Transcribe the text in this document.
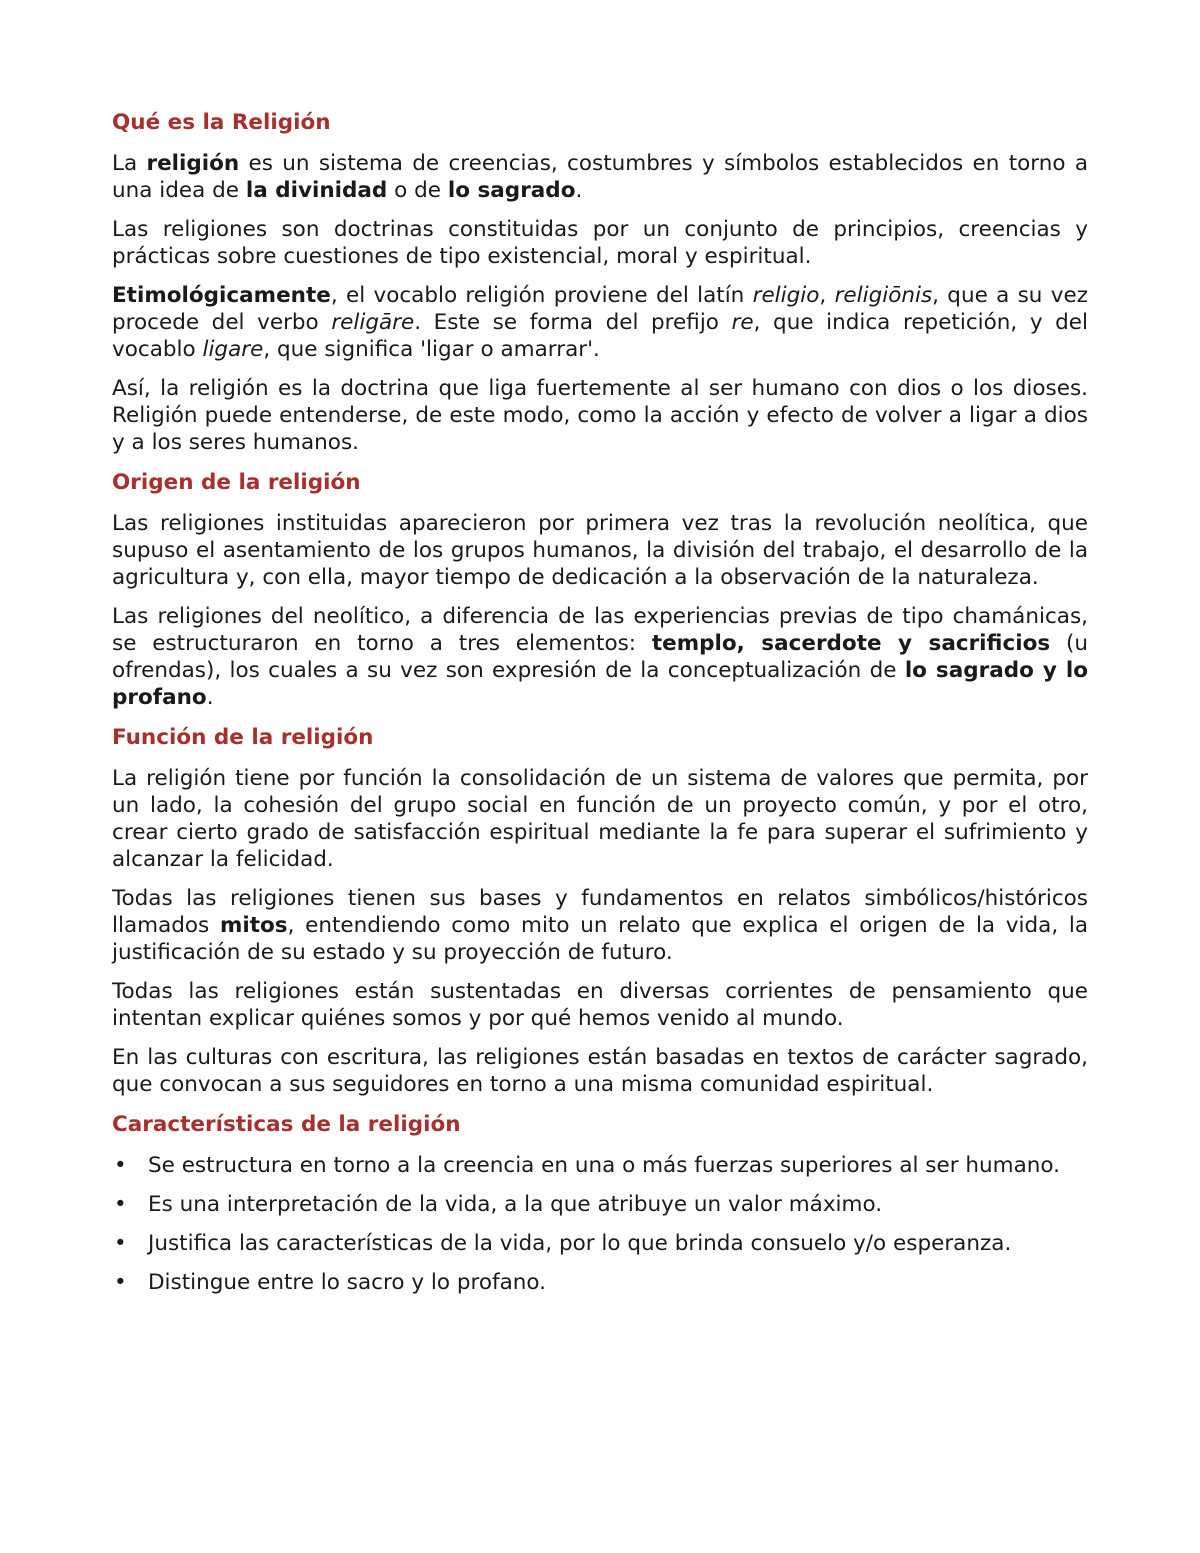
Qué es la Religión

La religión es un sistema de creencias, costumbres y símbolos establecidos en torno a una idea de la divinidad o de lo sagrado.

Las religiones son doctrinas constituidas por un conjunto de principios, creencias y prácticas sobre cuestiones de tipo existencial, moral y espiritual.

Etimológicamente, el vocablo religión proviene del latín religio, religiōnis, que a su vez procede del verbo religāre. Este se forma del prefijo re, que indica repetición, y del vocablo ligare, que significa 'ligar o amarrar'.

Así, la religión es la doctrina que liga fuertemente al ser humano con dios o los dioses. Religión puede entenderse, de este modo, como la acción y efecto de volver a ligar a dios y a los seres humanos.

Origen de la religión

Las religiones instituidas aparecieron por primera vez tras la revolución neolítica, que supuso el asentamiento de los grupos humanos, la división del trabajo, el desarrollo de la agricultura y, con ella, mayor tiempo de dedicación a la observación de la naturaleza.

Las religiones del neolítico, a diferencia de las experiencias previas de tipo chamánicas, se estructuraron en torno a tres elementos: templo, sacerdote y sacrificios (u ofrendas), los cuales a su vez son expresión de la conceptualización de lo sagrado y lo profano.

Función de la religión

La religión tiene por función la consolidación de un sistema de valores que permita, por un lado, la cohesión del grupo social en función de un proyecto común, y por el otro, crear cierto grado de satisfacción espiritual mediante la fe para superar el sufrimiento y alcanzar la felicidad.

Todas las religiones tienen sus bases y fundamentos en relatos simbólicos/históricos llamados mitos, entendiendo como mito un relato que explica el origen de la vida, la justificación de su estado y su proyección de futuro.

Todas las religiones están sustentadas en diversas corrientes de pensamiento que intentan explicar quiénes somos y por qué hemos venido al mundo.

En las culturas con escritura, las religiones están basadas en textos de carácter sagrado, que convocan a sus seguidores en torno a una misma comunidad espiritual.

Características de la religión
• Se estructura en torno a la creencia en una o más fuerzas superiores al ser humano.
• Es una interpretación de la vida, a la que atribuye un valor máximo.
• Justifica las características de la vida, por lo que brinda consuelo y/o esperanza.
• Distingue entre lo sacro y lo profano.
